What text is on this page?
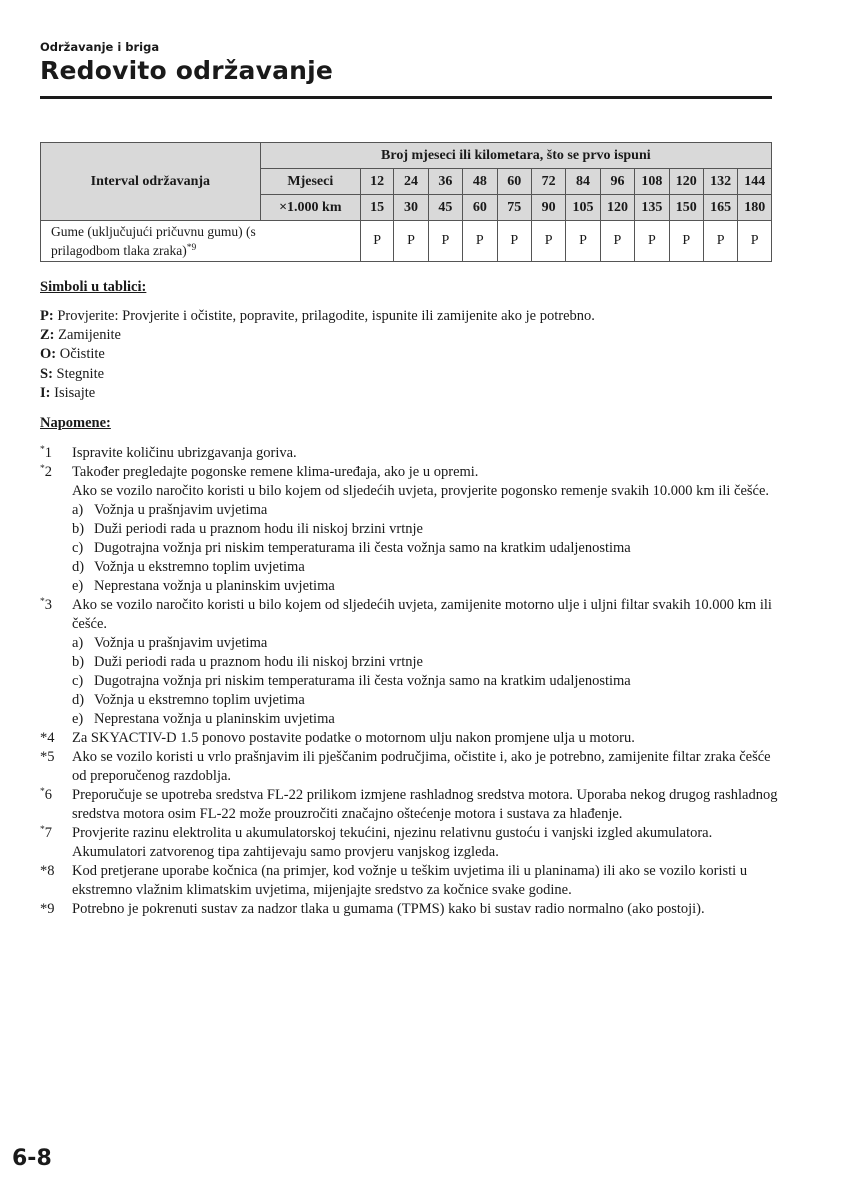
Održavanje i briga
Redovito održavanje
Interval održavanja	Broj mjeseci ili kilometara, što se prvo ispuni												
	Mjeseci	12	24	36	48	60	72	84	96	108	120	132	144
	×1.000 km	15	30	45	60	75	90	105	120	135	150	165	180
Gume (uključujući pričuvnu gumu) (s
prilagodbom tlaka zraka)$^{*9}$		P	P	P	P	P	P	P	P	P	P	P	P
Simboli u tablici:
P: Provjerite: Provjerite i očistite, popravite, prilagodite, ispunite ili zamijenite ako je potrebno.
Z: Zamijenite
O: Očistite
S: Stegnite
I: Isisajte
Napomene:
*1 Ispravite količinu ubrizgavanja goriva.
*2 Također pregledajte pogonske remene klima-uređaja, ako je u opremi.
Ako se vozilo naročito koristi u bilo kojem od sljedećih uvjeta, provjerite pogonsko remenje svakih 10.000 km ili češće.
a) Vožnja u prašnjavim uvjetima
b) Duži periodi rada u praznom hodu ili niskoj brzini vrtnje
c) Dugotrajna vožnja pri niskim temperaturama ili česta vožnja samo na kratkim udaljenostima
d) Vožnja u ekstremno toplim uvjetima
e) Neprestana vožnja u planinskim uvjetima
*3 Ako se vozilo naročito koristi u bilo kojem od sljedećih uvjeta, zamijenite motorno ulje i uljni filtar svakih 10.000 km ili češće.
a) Vožnja u prašnjavim uvjetima
b) Duži periodi rada u praznom hodu ili niskoj brzini vrtnje
c) Dugotrajna vožnja pri niskim temperaturama ili česta vožnja samo na kratkim udaljenostima
d) Vožnja u ekstremno toplim uvjetima
e) Neprestana vožnja u planinskim uvjetima
*4 Za SKYACTIV-D 1.5 ponovo postavite podatke o motornom ulju nakon promjene ulja u motoru.
*5 Ako se vozilo koristi u vrlo prašnjavim ili pješčanim područjima, očistite i, ako je potrebno, zamijenite filtar zraka češće od preporučenog razdoblja.
*6 Preporučuje se upotreba sredstva FL-22 prilikom izmjene rashladnog sredstva motora. Uporaba nekog drugog rashladnog sredstva motora osim FL-22 može prouzročiti značajno oštećenje motora i sustava za hlađenje.
*7 Provjerite razinu elektrolita u akumulatorskoj tekućini, njezinu relativnu gustoću i vanjski izgled akumulatora. Akumulatori zatvorenog tipa zahtijevaju samo provjeru vanjskog izgleda.
*8 Kod pretjerane uporabe kočnica (na primjer, kod vožnje u teškim uvjetima ili u planinama) ili ako se vozilo koristi u ekstremno vlažnim klimatskim uvjetima, mijenjajte sredstvo za kočnice svake godine.
*9 Potrebno je pokrenuti sustav za nadzor tlaka u gumama (TPMS) kako bi sustav radio normalno (ako postoji).
6-8
